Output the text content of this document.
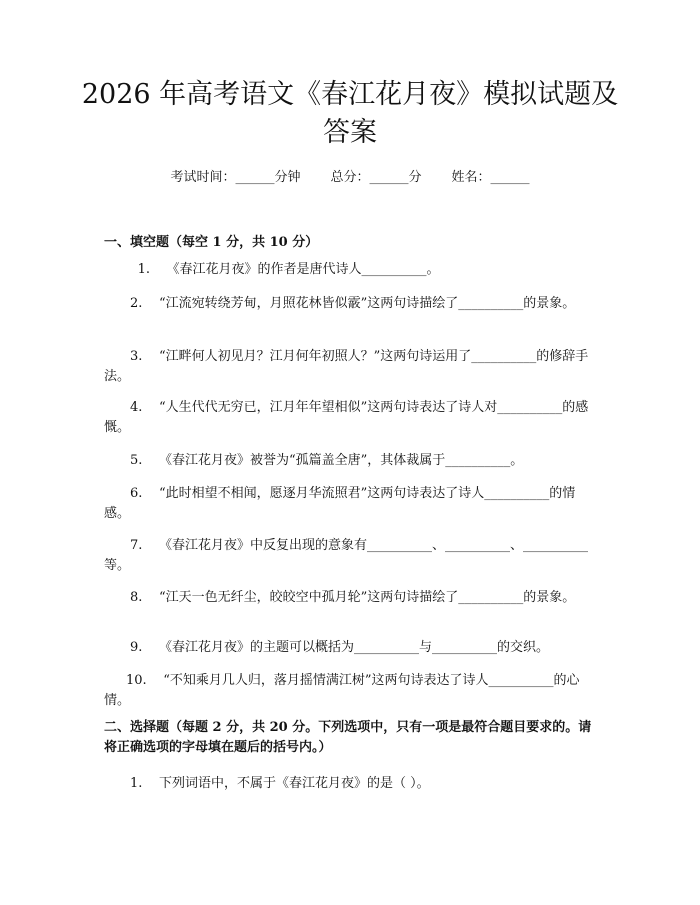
2026 年高考语文《春江花月夜》模拟试题及
答案
考试时间：______分钟 总分：______分 姓名：______
一、填空题（每空 1 分，共 10 分）
1. 《春江花月夜》的作者是唐代诗人__________。
2. “江流宛转绕芳甸，月照花林皆似霰”这两句诗描绘了__________的景象。
3. “江畔何人初见月？江月何年初照人？”这两句诗运用了__________的修辞手法。
4. “人生代代无穷已，江月年年望相似”这两句诗表达了诗人对__________的感慨。
5. 《春江花月夜》被誉为“孤篇盖全唐”，其体裁属于__________。
6. “此时相望不相闻，愿逐月华流照君”这两句诗表达了诗人__________的情感。
7. 《春江花月夜》中反复出现的意象有__________、__________、__________等。
8. “江天一色无纤尘，皎皎空中孤月轮”这两句诗描绘了__________的景象。
9. 《春江花月夜》的主题可以概括为__________与__________的交织。
10. “不知乘月几人归，落月摇情满江树”这两句诗表达了诗人__________的心情。
二、选择题（每题 2 分，共 20 分。下列选项中，只有一项是最符合题目要求的。请将正确选项的字母填在题后的括号内。）
1. 下列词语中，不属于《春江花月夜》的是（ ）。
